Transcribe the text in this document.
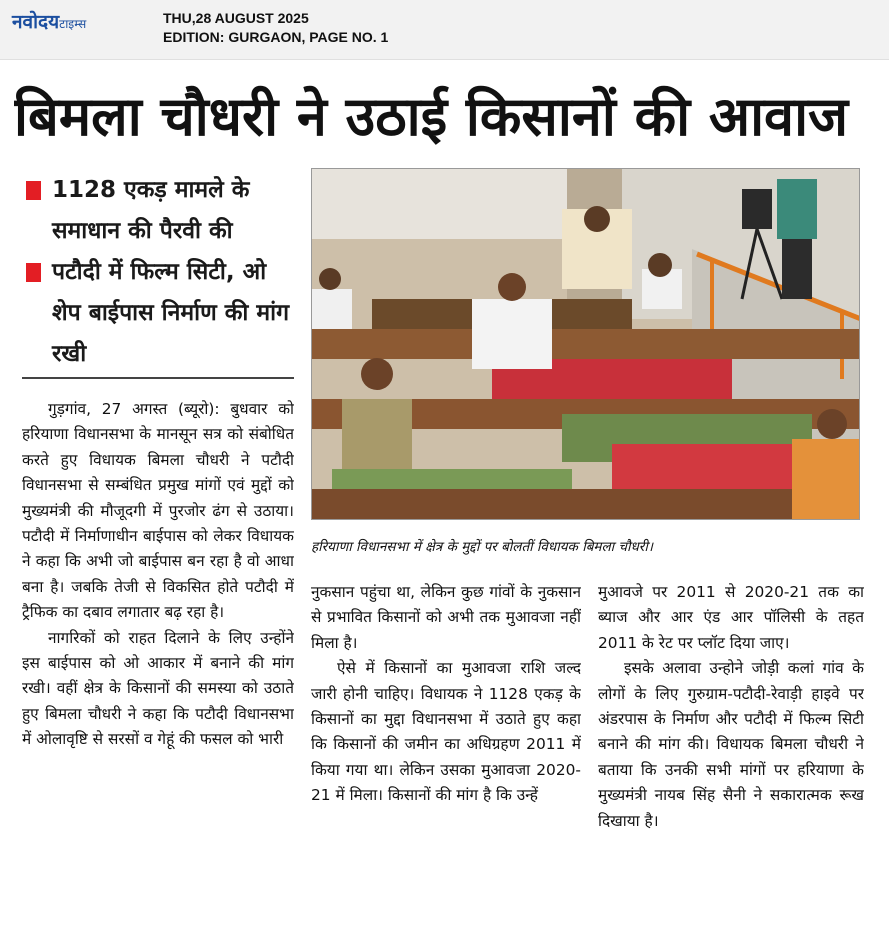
नवोदयटाइम्स	THU,28 AUGUST 2025
EDITION: GURGAON, PAGE NO. 1
बिमला चौधरी ने उठाई किसानों की आवाज
1128 एकड़ मामले के समाधान की पैरवी की
पटौदी में फिल्म सिटी, ओ शेप बाईपास निर्माण की मांग रखी

गुड़गांव, 27 अगस्त (ब्यूरो): बुधवार को हरियाणा विधानसभा के मानसून सत्र को संबोधित करते हुए विधायक बिमला चौधरी ने पटौदी विधानसभा से सम्बंधित प्रमुख मांगों एवं मुद्दों को मुख्यमंत्री की मौजूदगी में पुरजोर ढंग से उठाया। पटौदी में निर्माणाधीन बाईपास को लेकर विधायक ने कहा कि अभी जो बाईपास बन रहा है वो आधा बना है। जबकि तेजी से विकसित होते पटौदी में ट्रैफिक का दबाव लगातार बढ़ रहा है।

नागरिकों को राहत दिलाने के लिए उन्होंने इस बाईपास को ओ आकार में बनाने की मांग रखी। वहीं क्षेत्र के किसानों की समस्या को उठाते हुए बिमला चौधरी ने कहा कि पटौदी विधानसभा में ओलावृष्टि से सरसों व गेहूं की फसल को भारी

हरियाणा विधानसभा में क्षेत्र के मुद्दों पर बोलतीं विधायक बिमला चौधरी।

नुकसान पहुंचा था, लेकिन कुछ गांवों के नुकसान से प्रभावित किसानों को अभी तक मुआवजा नहीं मिला है।

ऐसे में किसानों का मुआवजा राशि जल्द जारी होनी चाहिए। विधायक ने 1128 एकड़ के किसानों का मुद्दा विधानसभा में उठाते हुए कहा कि किसानों की जमीन का अधिग्रहण 2011 में किया गया था। लेकिन उसका मुआवजा 2020-21 में मिला। किसानों की मांग है कि उन्हें

मुआवजे पर 2011 से 2020-21 तक का ब्याज और आर एंड आर पॉलिसी के तहत 2011 के रेट पर प्लॉट दिया जाए।

इसके अलावा उन्होने जोड़ी कलां गांव के लोगों के लिए गुरुग्राम-पटौदी-रेवाड़ी हाइवे पर अंडरपास के निर्माण और पटौदी में फिल्म सिटी बनाने की मांग की। विधायक बिमला चौधरी ने बताया कि उनकी सभी मांगों पर हरियाणा के मुख्यमंत्री नायब सिंह सैनी ने सकारात्मक रूख दिखाया है।
